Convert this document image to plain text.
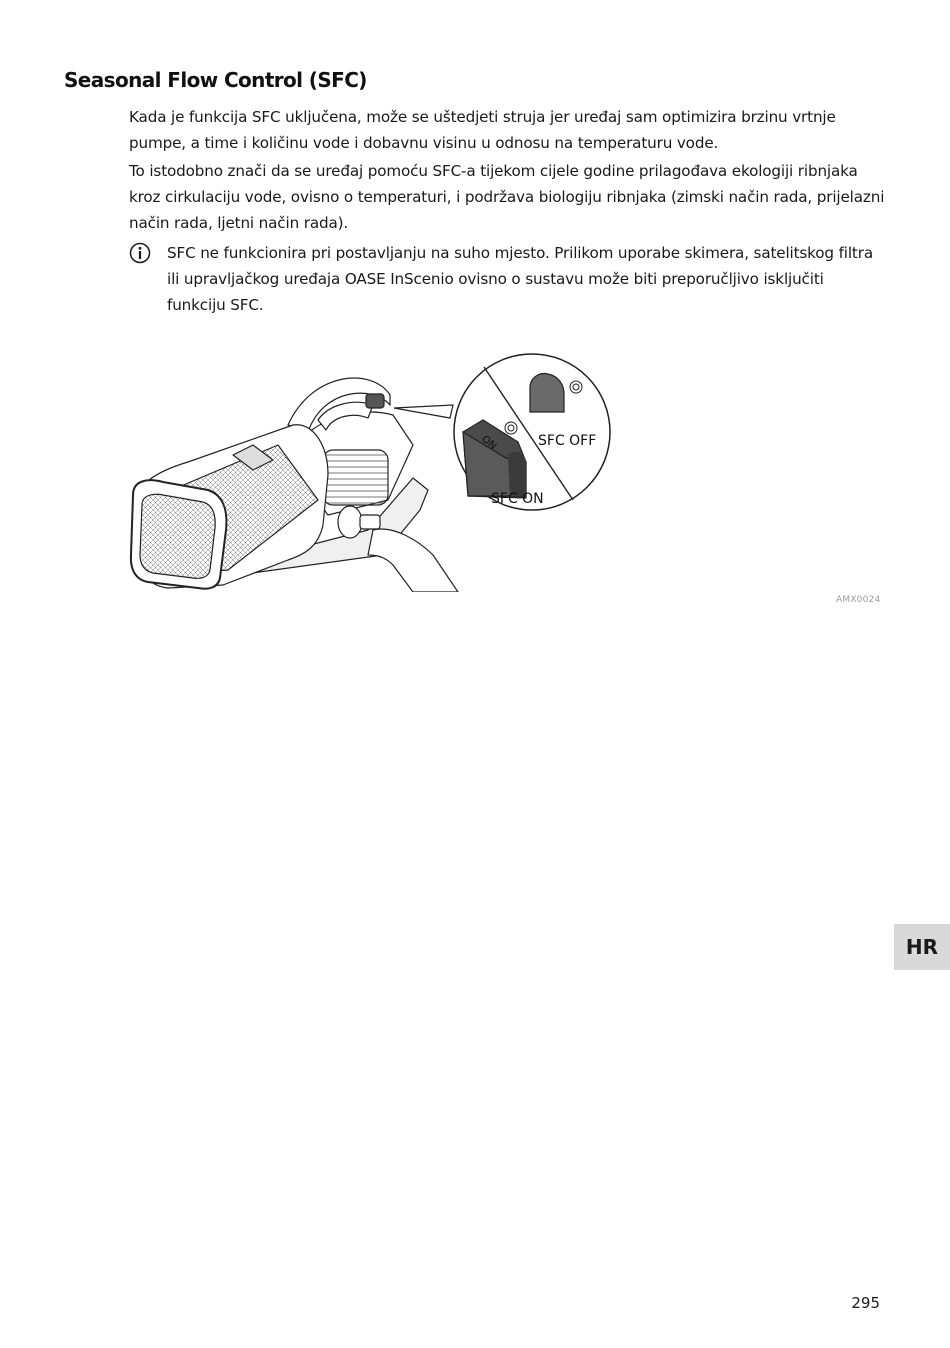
Seasonal Flow Control (SFC)
Kada je funkcija SFC uključena, može se uštedjeti struja jer uređaj sam optimizira brzinu vrtnje pumpe, a time i količinu vode i dobavnu visinu u odnosu na temperaturu vode.
To istodobno znači da se uređaj pomoću SFC-a tijekom cijele godine prilagođava ekologiji ribnjaka kroz cirkulaciju vode, ovisno o temperaturi, i podržava biologiju ribnjaka (zimski način rada, prijelazni način rada, ljetni način rada).
SFC ne funkcionira pri postavljanju na suho mjesto. Prilikom uporabe skimera, satelitskog filtra ili upravljačkog uređaja OASE InScenio ovisno o sustavu može biti preporučljivo isključiti funkciju SFC.
ON	SFC OFF
SFC ON
AMX0024
HR
295
